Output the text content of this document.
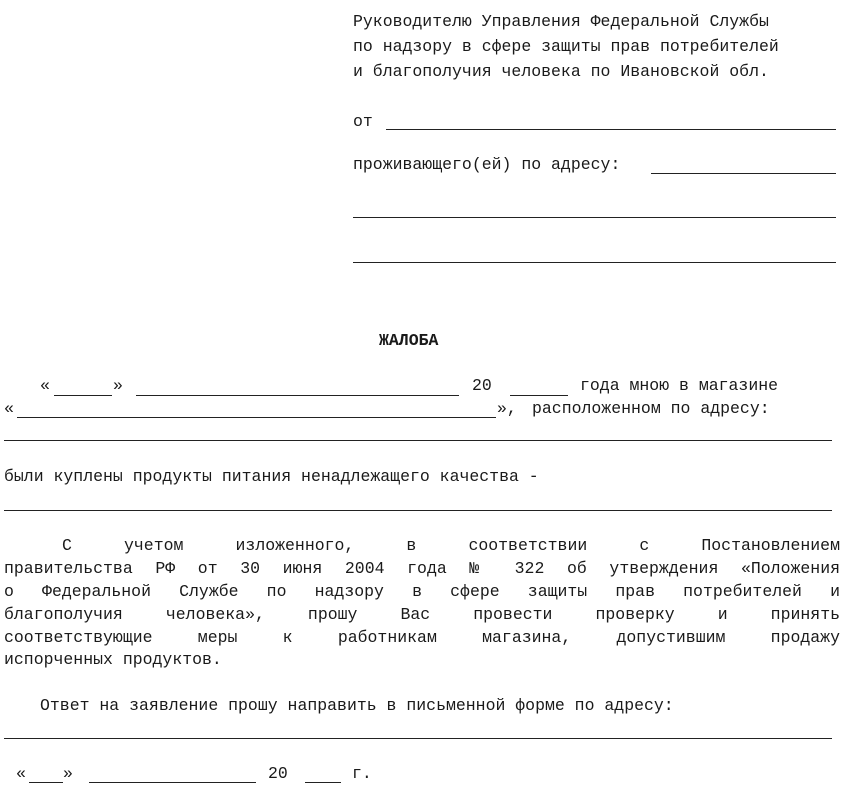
Руководителю Управления Федеральной Службы
по надзору в сфере защиты прав потребителей
и благополучия человека по Ивановской обл.
от
проживающего(ей) по адресу:
ЖАЛОБА
«	»	20	года мною в магазине
«	», расположенном по адресу:
были куплены продукты питания ненадлежащего качества -
С учетом изложенного, в соответствии с Постановлением
правительства РФ от 30 июня 2004 года № 322 об утверждения «Положения
о Федеральной Службе по надзору в сфере защиты прав потребителей и
благополучия человека», прошу Вас провести проверку и принять
соответствующие меры к работникам магазина, допустившим продажу
испорченных продуктов.
Ответ на заявление прошу направить в письменной форме по адресу:
« »	20	г.
